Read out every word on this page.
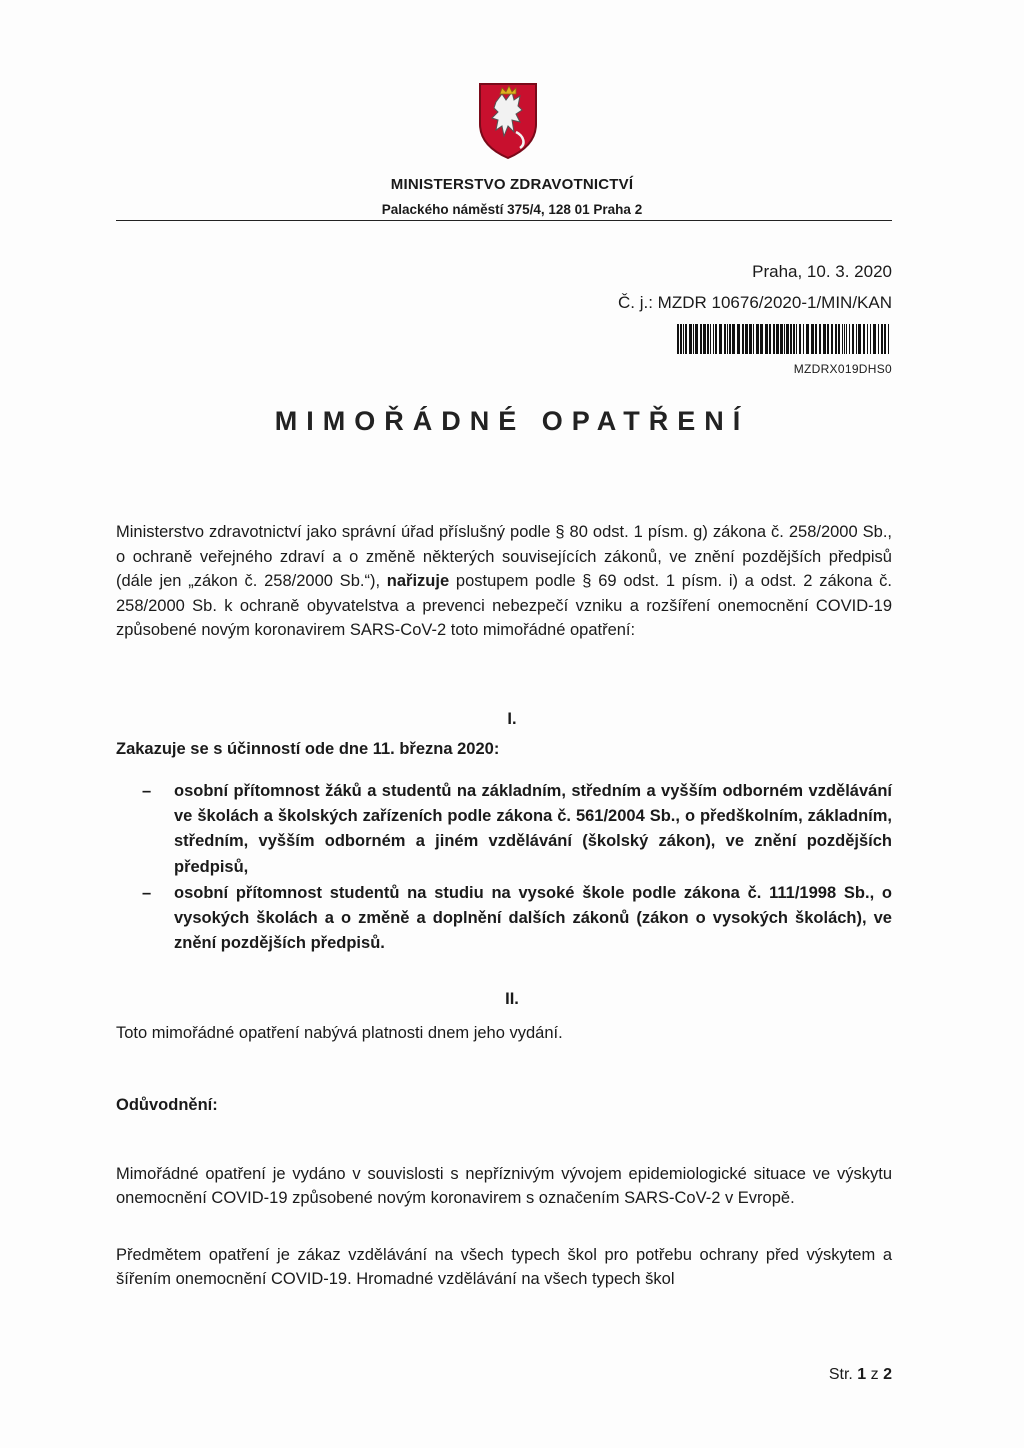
MINISTERSTVO ZDRAVOTNICTVÍ
Palackého náměstí 375/4, 128 01 Praha 2
Praha, 10. 3. 2020
Č. j.: MZDR 10676/2020-1/MIN/KAN
MZDRX019DHS0
MIMOŘÁDNÉ OPATŘENÍ
Ministerstvo zdravotnictví jako správní úřad příslušný podle § 80 odst. 1 písm. g) zákona č. 258/2000 Sb., o ochraně veřejného zdraví a o změně některých souvisejících zákonů, ve znění pozdějších předpisů (dále jen „zákon č. 258/2000 Sb.“), nařizuje postupem podle § 69 odst. 1 písm. i) a odst. 2 zákona č. 258/2000 Sb. k ochraně obyvatelstva a prevenci nebezpečí vzniku a rozšíření onemocnění COVID-19 způsobené novým koronavirem SARS-CoV-2 toto mimořádné opatření:
I.
Zakazuje se s účinností ode dne 11. března 2020:
– osobní přítomnost žáků a studentů na základním, středním a vyšším odborném vzdělávání ve školách a školských zařízeních podle zákona č. 561/2004 Sb., o předškolním, základním, středním, vyšším odborném a jiném vzdělávání (školský zákon), ve znění pozdějších předpisů,
– osobní přítomnost studentů na studiu na vysoké škole podle zákona č. 111/1998 Sb., o vysokých školách a o změně a doplnění dalších zákonů (zákon o vysokých školách), ve znění pozdějších předpisů.
II.
Toto mimořádné opatření nabývá platnosti dnem jeho vydání.
Odůvodnění:
Mimořádné opatření je vydáno v souvislosti s nepříznivým vývojem epidemiologické situace ve výskytu onemocnění COVID-19 způsobené novým koronavirem s označením SARS-CoV-2 v Evropě.
Předmětem opatření je zákaz vzdělávání na všech typech škol pro potřebu ochrany před výskytem a šířením onemocnění COVID-19. Hromadné vzdělávání na všech typech škol
Str. 1 z 2
